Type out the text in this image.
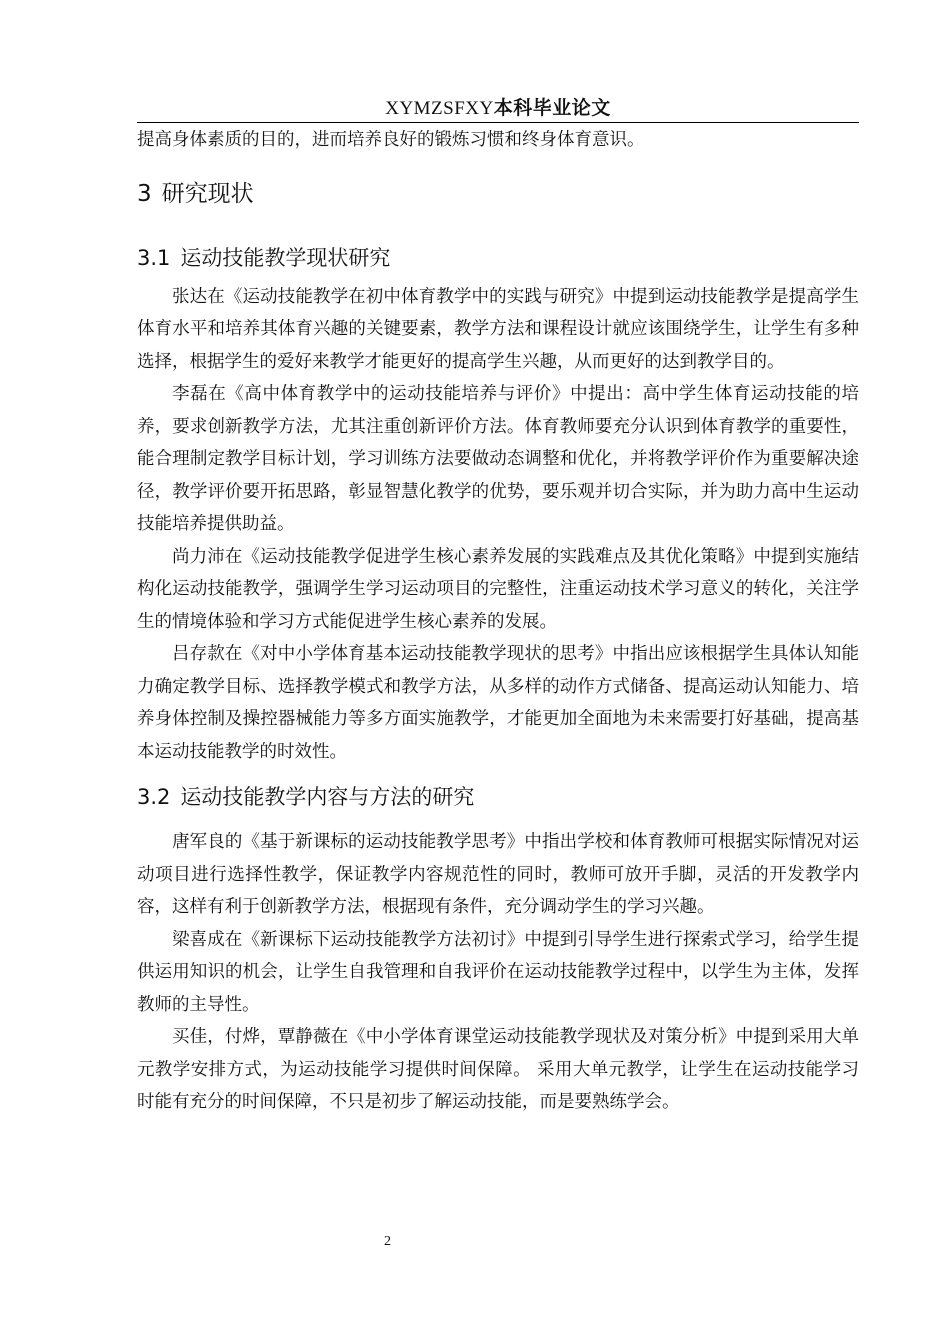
XYMZSFXY本科毕业论文

提高身体素质的目的，进而培养良好的锻炼习惯和终身体育意识。

3 研究现状
3.1 运动技能教学现状研究

张达在《运动技能教学在初中体育教学中的实践与研究》中提到运动技能教学是提高学生体育水平和培养其体育兴趣的关键要素，教学方法和课程设计就应该围绕学生，让学生有多种选择，根据学生的爱好来教学才能更好的提高学生兴趣，从而更好的达到教学目的。

李磊在《高中体育教学中的运动技能培养与评价》中提出：高中学生体育运动技能的培养，要求创新教学方法，尤其注重创新评价方法。体育教师要充分认识到体育教学的重要性，能合理制定教学目标计划，学习训练方法要做动态调整和优化，并将教学评价作为重要解决途径，教学评价要开拓思路，彰显智慧化教学的优势，要乐观并切合实际，并为助力高中生运动技能培养提供助益。

尚力沛在《运动技能教学促进学生核心素养发展的实践难点及其优化策略》中提到实施结构化运动技能教学，强调学生学习运动项目的完整性，注重运动技术学习意义的转化，关注学生的情境体验和学习方式能促进学生核心素养的发展。

吕存款在《对中小学体育基本运动技能教学现状的思考》中指出应该根据学生具体认知能力确定教学目标、选择教学模式和教学方法，从多样的动作方式储备、提高运动认知能力、培养身体控制及操控器械能力等多方面实施教学，才能更加全面地为未来需要打好基础，提高基本运动技能教学的时效性。

3.2 运动技能教学内容与方法的研究

唐军良的《基于新课标的运动技能教学思考》中指出学校和体育教师可根据实际情况对运动项目进行选择性教学，保证教学内容规范性的同时，教师可放开手脚，灵活的开发教学内容，这样有利于创新教学方法，根据现有条件，充分调动学生的学习兴趣。

梁喜成在《新课标下运动技能教学方法初讨》中提到引导学生进行探索式学习，给学生提供运用知识的机会，让学生自我管理和自我评价在运动技能教学过程中，以学生为主体，发挥教师的主导性。

买佳，付烨，覃静薇在《中小学体育课堂运动技能教学现状及对策分析》中提到采用大单元教学安排方式，为运动技能学习提供时间保障。 采用大单元教学，让学生在运动技能学习时能有充分的时间保障，不只是初步了解运动技能，而是要熟练学会。

2
